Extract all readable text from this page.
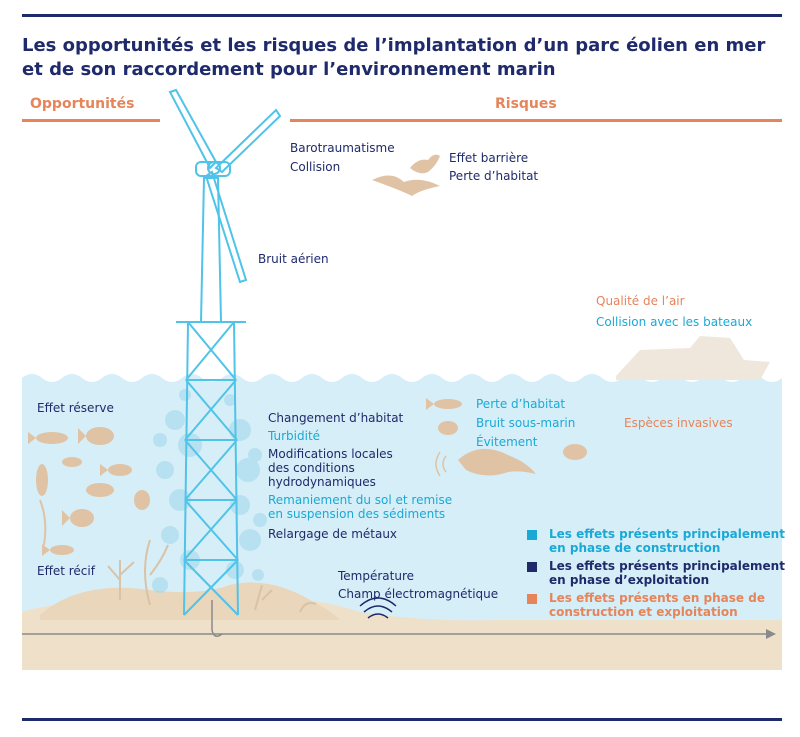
Les opportunités et les risques de l’implantation d’un parc éolien en mer et de son raccordement pour l’environnement marin
Opportunités	Risques
Barotraumatisme
Collision
Effet barrière
Perte d’habitat
Bruit aérien
Qualité de l’air
Collision avec les bateaux
Effet réserve
Effet récif
Changement d’habitat
Turbidité
Modifications locales
des conditions
hydrodynamiques
Remaniement du sol et remise
en suspension des sédiments
Relargage de métaux
Température
Champ électromagnétique
Perte d’habitat
Bruit sous-marin
Évitement
Espèces invasives
Les effets présents principalement en phase de construction
Les effets présents principalement en phase d’exploitation
Les effets présents en phase de construction et exploitation
